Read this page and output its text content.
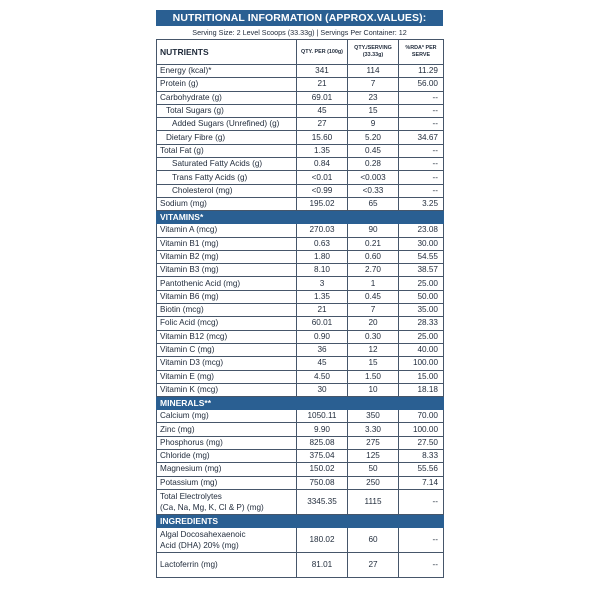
NUTRITIONAL INFORMATION (APPROX.VALUES):
Serving Size: 2 Level Scoops (33.33g) | Servings Per Container: 12
NUTRIENTS	QTY. PER (100g)	QTY./SERVING (33.33g)	%RDA* PER SERVE
Energy (kcal)*	341	114	11.29
Protein (g)	21	7	56.00
Carbohydrate (g)	69.01	23	--
Total Sugars (g)	45	15	--
Added Sugars (Unrefined) (g)	27	9	--
Dietary Fibre (g)	15.60	5.20	34.67
Total Fat (g)	1.35	0.45	--
Saturated Fatty Acids (g)	0.84	0.28	--
Trans Fatty Acids (g)	<0.01	<0.003	--
Cholesterol (mg)	<0.99	<0.33	--
Sodium (mg)	195.02	65	3.25
VITAMINS*			
Vitamin A (mcg)	270.03	90	23.08
Vitamin B1 (mg)	0.63	0.21	30.00
Vitamin B2 (mg)	1.80	0.60	54.55
Vitamin B3 (mg)	8.10	2.70	38.57
Pantothenic Acid (mg)	3	1	25.00
Vitamin B6 (mg)	1.35	0.45	50.00
Biotin (mcg)	21	7	35.00
Folic Acid (mcg)	60.01	20	28.33
Vitamin B12 (mcg)	0.90	0.30	25.00
Vitamin C (mg)	36	12	40.00
Vitamin D3 (mcg)	45	15	100.00
Vitamin E (mg)	4.50	1.50	15.00
Vitamin K (mcg)	30	10	18.18
MINERALS**			
Calcium (mg)	1050.11	350	70.00
Zinc (mg)	9.90	3.30	100.00
Phosphorus (mg)	825.08	275	27.50
Chloride (mg)	375.04	125	8.33
Magnesium (mg)	150.02	50	55.56
Potassium (mg)	750.08	250	7.14
Total Electrolytes
(Ca, Na, Mg, K, Cl & P) (mg)	3345.35	1115	--
INGREDIENTS			
Algal Docosahexaenoic
Acid (DHA) 20% (mg)	180.02	60	--
Lactoferrin (mg)	81.01	27	--
